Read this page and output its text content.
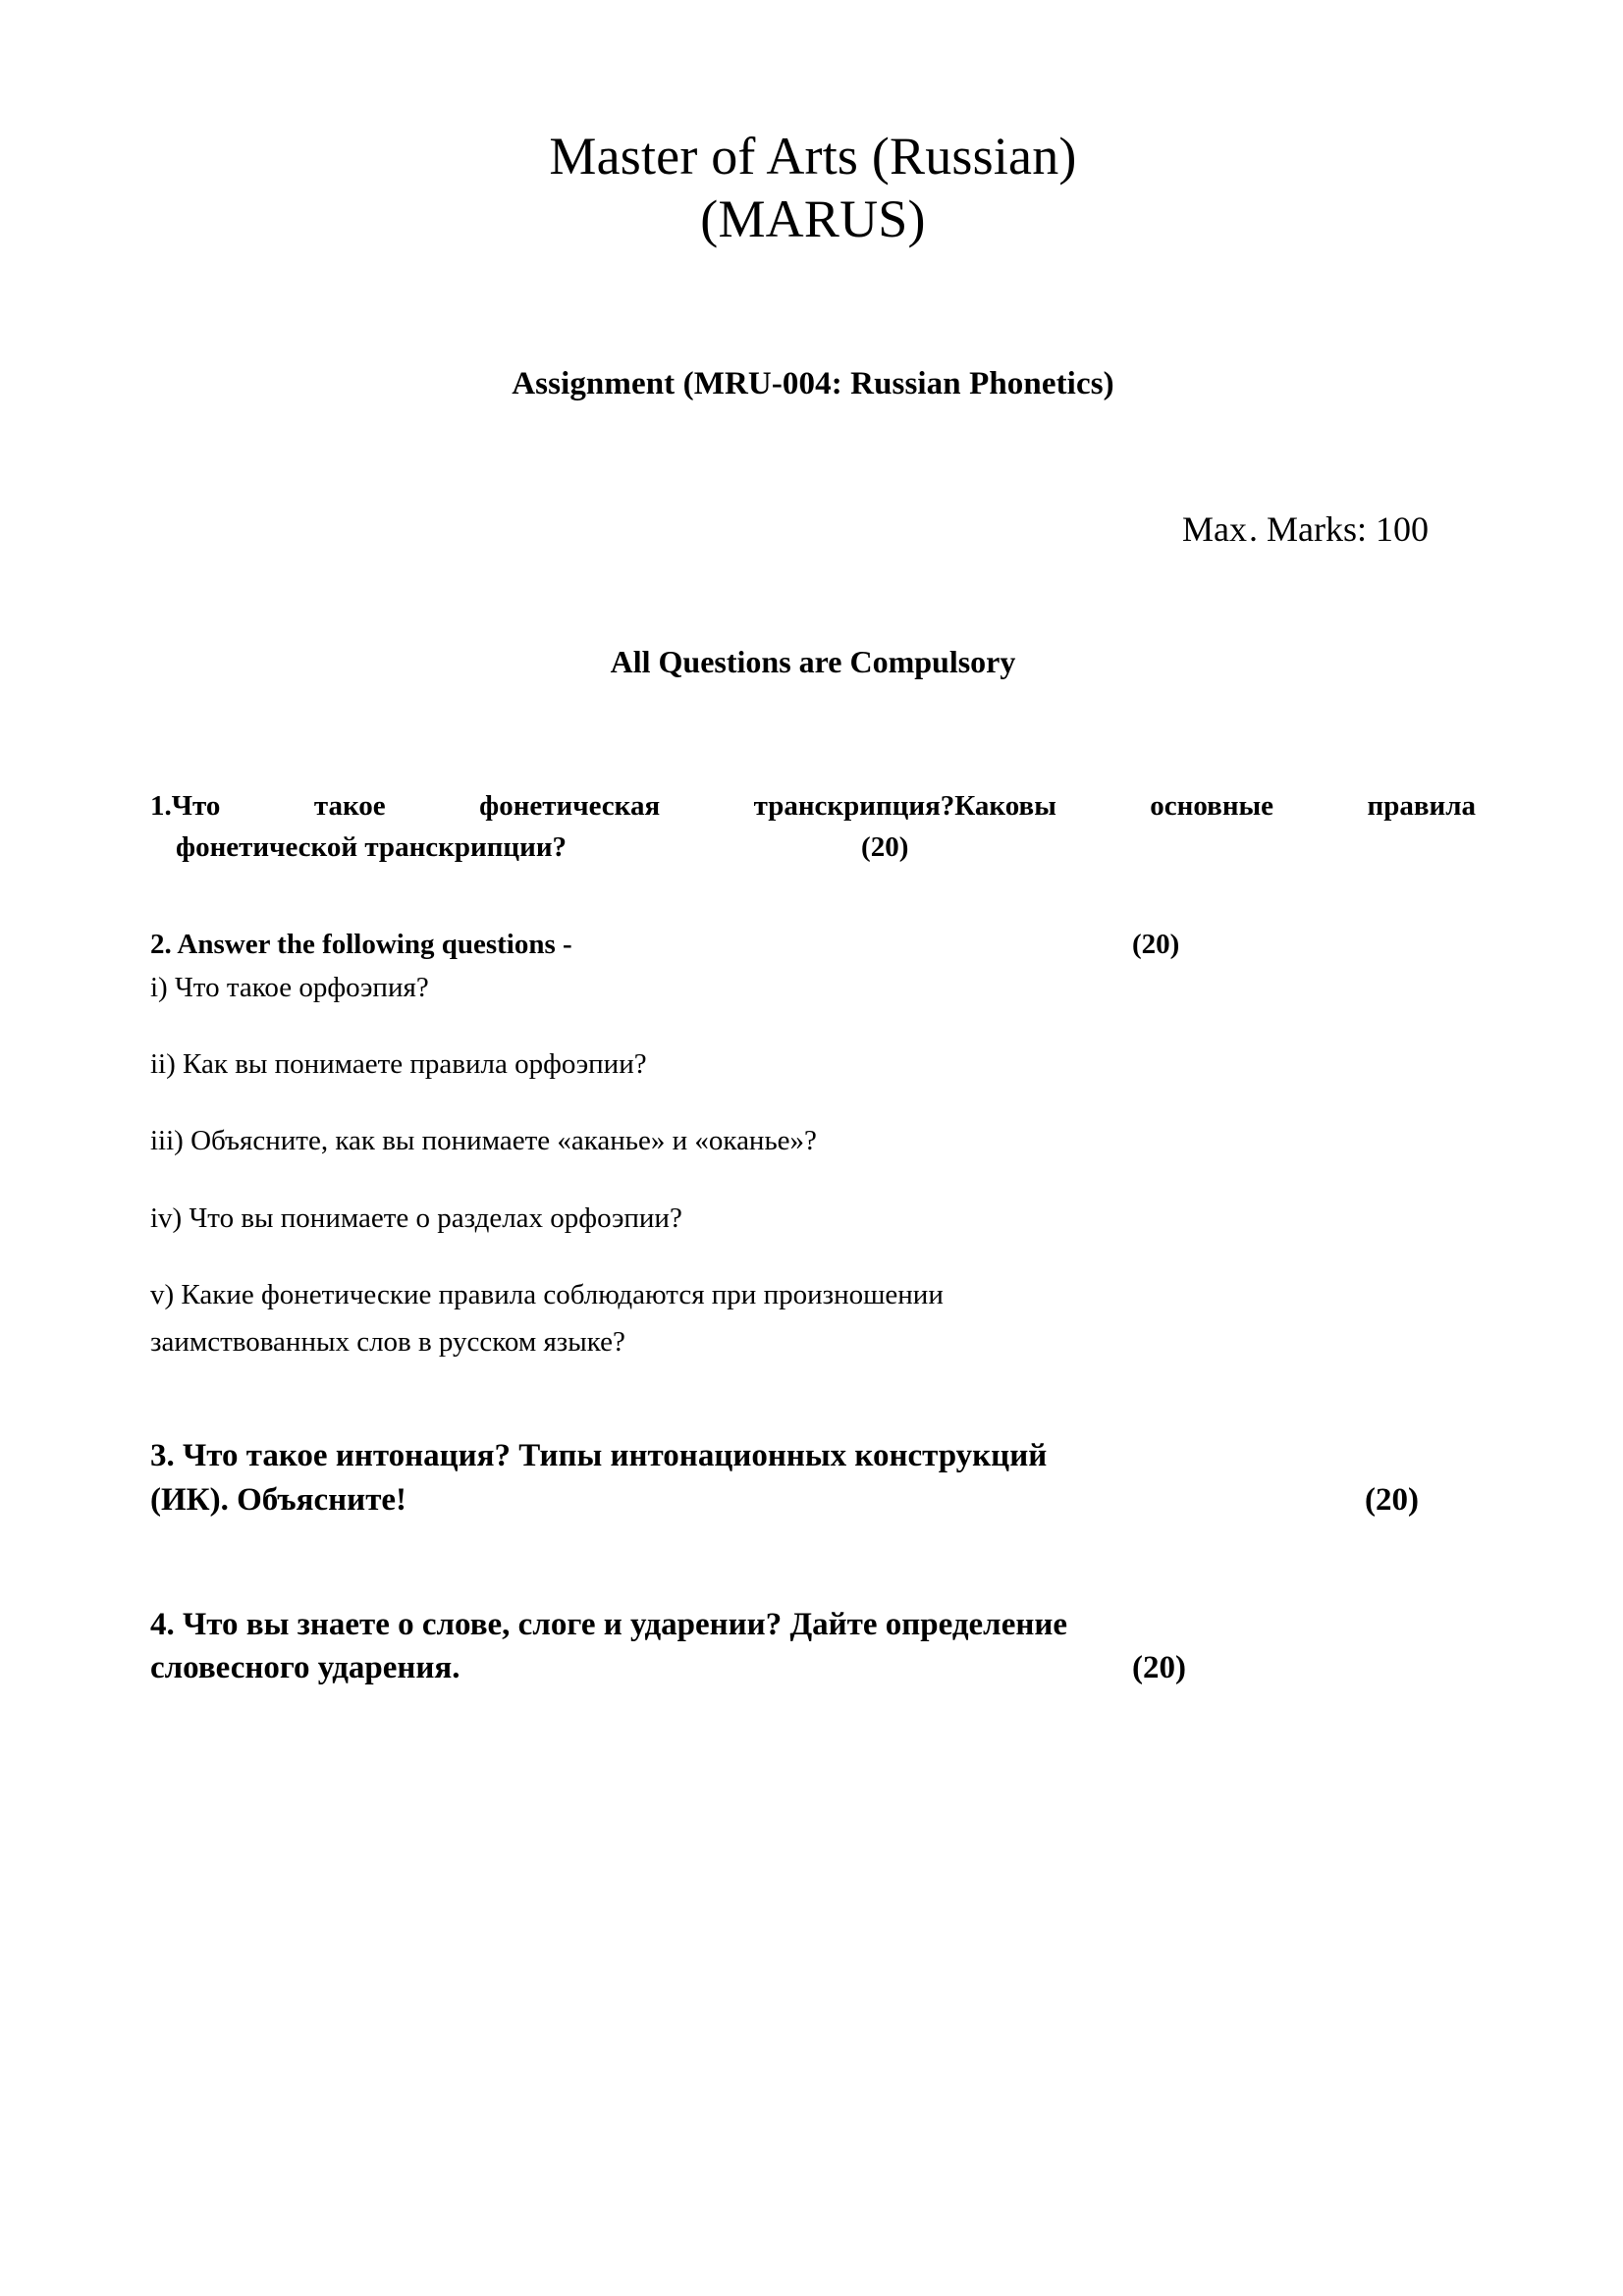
Master of Arts (Russian)
(MARUS)
Assignment (MRU-004: Russian Phonetics)
Max. Marks: 100
All Questions are Compulsory
1.Что такое фонетическая транскрипция?Каковы основные правила
фонетической транскрипции?	(20)
2. Answer the following questions -	(20)
i) Что такое орфоэпия?
ii) Как вы понимаете правила орфоэпии?
iii) Объясните, как вы понимаете «аканье» и «оканье»?
iv) Что вы понимаете о разделах орфоэпии?
v) Какие фонетические правила соблюдаются при произношении
заимствованных слов в русском языке?
3. Что такое интонация? Типы интонационных конструкций
(ИК). Объясните!	(20)
4. Что вы знаете о слове, слоге и ударении? Дайте определение
словесного ударения.	(20)
